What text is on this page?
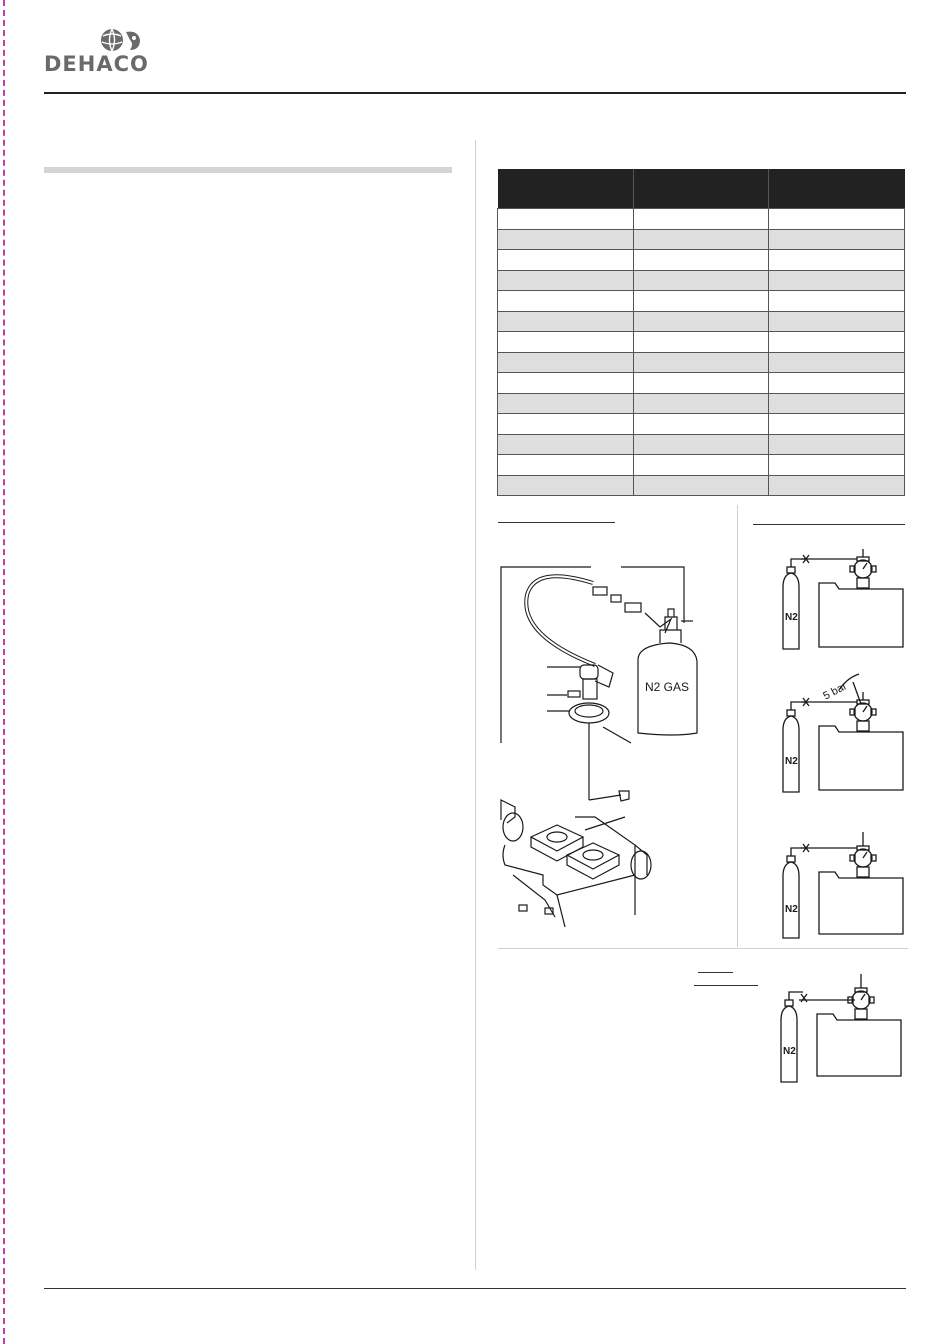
DEHACO

N2 GAS
N2
5 bar
N2
N2
N2
